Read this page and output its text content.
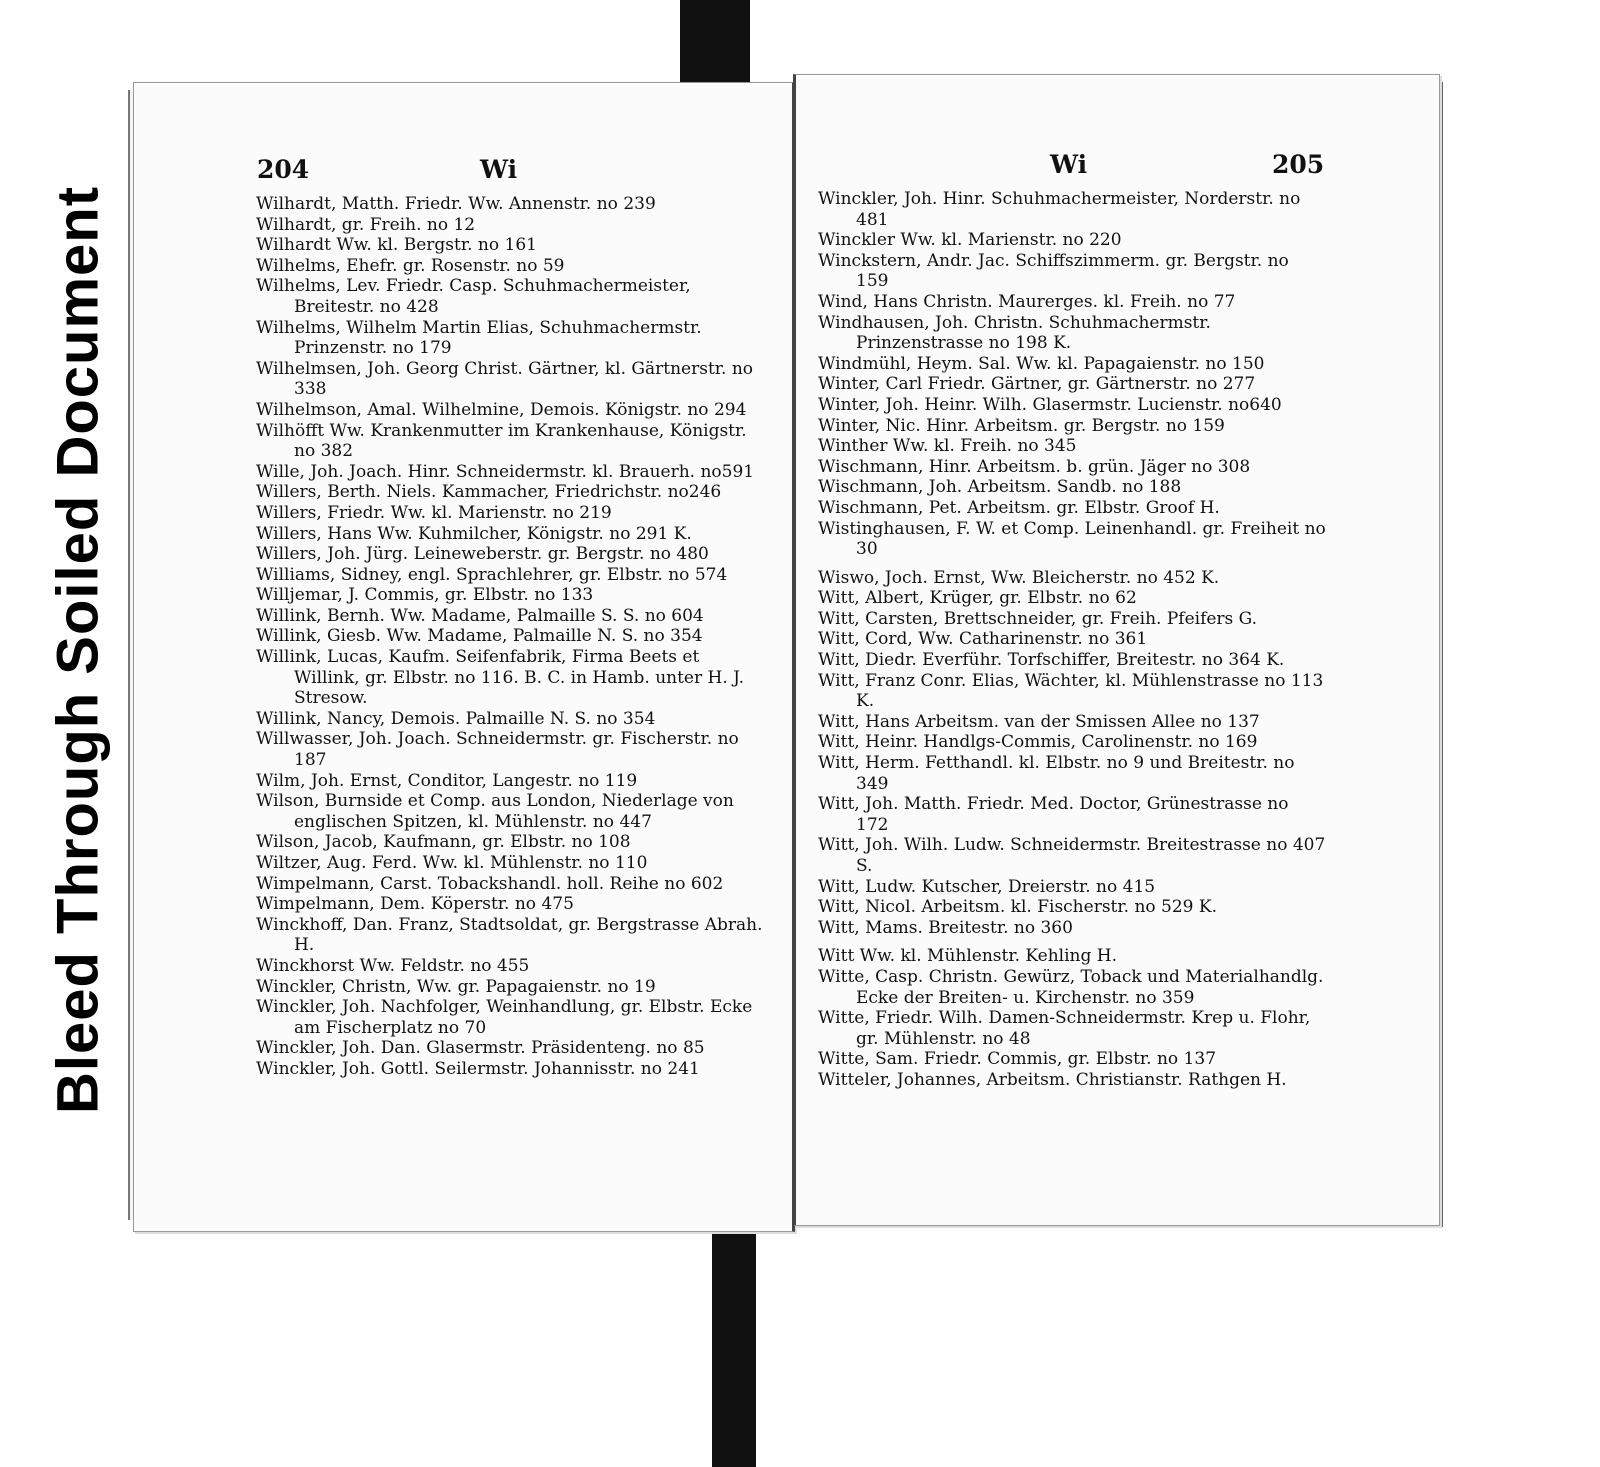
Bleed Through Soiled Document
204	Wi

Wilhardt, Matth. Friedr. Ww. Annenstr. no 239

Wilhardt, gr. Freih. no 12

Wilhardt Ww. kl. Bergstr. no 161

Wilhelms, Ehefr. gr. Rosenstr. no 59

Wilhelms, Lev. Friedr. Casp. Schuhmachermeister, Breitestr. no 428

Wilhelms, Wilhelm Martin Elias, Schuhmachermstr. Prinzenstr. no 179

Wilhelmsen, Joh. Georg Christ. Gärtner, kl. Gärtnerstr. no 338

Wilhelmson, Amal. Wilhelmine, Demois. Königstr. no 294

Wilhöfft Ww. Krankenmutter im Krankenhause, Königstr. no 382

Wille, Joh. Joach. Hinr. Schneidermstr. kl. Brauerh. no591

Willers, Berth. Niels. Kammacher, Friedrichstr. no246

Willers, Friedr. Ww. kl. Marienstr. no 219

Willers, Hans Ww. Kuhmilcher, Königstr. no 291 K.

Willers, Joh. Jürg. Leineweberstr. gr. Bergstr. no 480

Williams, Sidney, engl. Sprachlehrer, gr. Elbstr. no 574

Willjemar, J. Commis, gr. Elbstr. no 133

Willink, Bernh. Ww. Madame, Palmaille S. S. no 604

Willink, Giesb. Ww. Madame, Palmaille N. S. no 354

Willink, Lucas, Kaufm. Seifenfabrik, Firma Beets et Willink, gr. Elbstr. no 116. B. C. in Hamb. unter H. J. Stresow.

Willink, Nancy, Demois. Palmaille N. S. no 354

Willwasser, Joh. Joach. Schneidermstr. gr. Fischerstr. no 187

Wilm, Joh. Ernst, Conditor, Langestr. no 119

Wilson, Burnside et Comp. aus London, Niederlage von englischen Spitzen, kl. Mühlenstr. no 447

Wilson, Jacob, Kaufmann, gr. Elbstr. no 108

Wiltzer, Aug. Ferd. Ww. kl. Mühlenstr. no 110

Wimpelmann, Carst. Tobackshandl. holl. Reihe no 602

Wimpelmann, Dem. Köperstr. no 475

Winckhoff, Dan. Franz, Stadtsoldat, gr. Bergstrasse Abrah. H.

Winckhorst Ww. Feldstr. no 455

Winckler, Christn, Ww. gr. Papagaienstr. no 19

Winckler, Joh. Nachfolger, Weinhandlung, gr. Elbstr. Ecke am Fischerplatz no 70

Winckler, Joh. Dan. Glasermstr. Präsidenteng. no 85

Winckler, Joh. Gottl. Seilermstr. Johannisstr. no 241

Wi	205

Winckler, Joh. Hinr. Schuhmachermeister, Norderstr. no 481

Winckler Ww. kl. Marienstr. no 220

Winckstern, Andr. Jac. Schiffszimmerm. gr. Bergstr. no 159

Wind, Hans Christn. Maurerges. kl. Freih. no 77

Windhausen, Joh. Christn. Schuhmachermstr. Prinzenstrasse no 198 K.

Windmühl, Heym. Sal. Ww. kl. Papagaienstr. no 150

Winter, Carl Friedr. Gärtner, gr. Gärtnerstr. no 277

Winter, Joh. Heinr. Wilh. Glasermstr. Lucienstr. no640

Winter, Nic. Hinr. Arbeitsm. gr. Bergstr. no 159

Winther Ww. kl. Freih. no 345

Wischmann, Hinr. Arbeitsm. b. grün. Jäger no 308

Wischmann, Joh. Arbeitsm. Sandb. no 188

Wischmann, Pet. Arbeitsm. gr. Elbstr. Groof H.

Wistinghausen, F. W. et Comp. Leinenhandl. gr. Freiheit no 30

Wiswo, Joch. Ernst, Ww. Bleicherstr. no 452 K.

Witt, Albert, Krüger, gr. Elbstr. no 62

Witt, Carsten, Brettschneider, gr. Freih. Pfeifers G.

Witt, Cord, Ww. Catharinenstr. no 361

Witt, Diedr. Everführ. Torfschiffer, Breitestr. no 364 K.

Witt, Franz Conr. Elias, Wächter, kl. Mühlenstrasse no 113 K.

Witt, Hans Arbeitsm. van der Smissen Allee no 137

Witt, Heinr. Handlgs-Commis, Carolinenstr. no 169

Witt, Herm. Fetthandl. kl. Elbstr. no 9 und Breitestr. no 349

Witt, Joh. Matth. Friedr. Med. Doctor, Grünestrasse no 172

Witt, Joh. Wilh. Ludw. Schneidermstr. Breitestrasse no 407 S.

Witt, Ludw. Kutscher, Dreierstr. no 415

Witt, Nicol. Arbeitsm. kl. Fischerstr. no 529 K.

Witt, Mams. Breitestr. no 360

Witt Ww. kl. Mühlenstr. Kehling H.

Witte, Casp. Christn. Gewürz, Toback und Materialhandlg. Ecke der Breiten- u. Kirchenstr. no 359

Witte, Friedr. Wilh. Damen-Schneidermstr. Krep u. Flohr, gr. Mühlenstr. no 48

Witte, Sam. Friedr. Commis, gr. Elbstr. no 137

Witteler, Johannes, Arbeitsm. Christianstr. Rathgen H.
